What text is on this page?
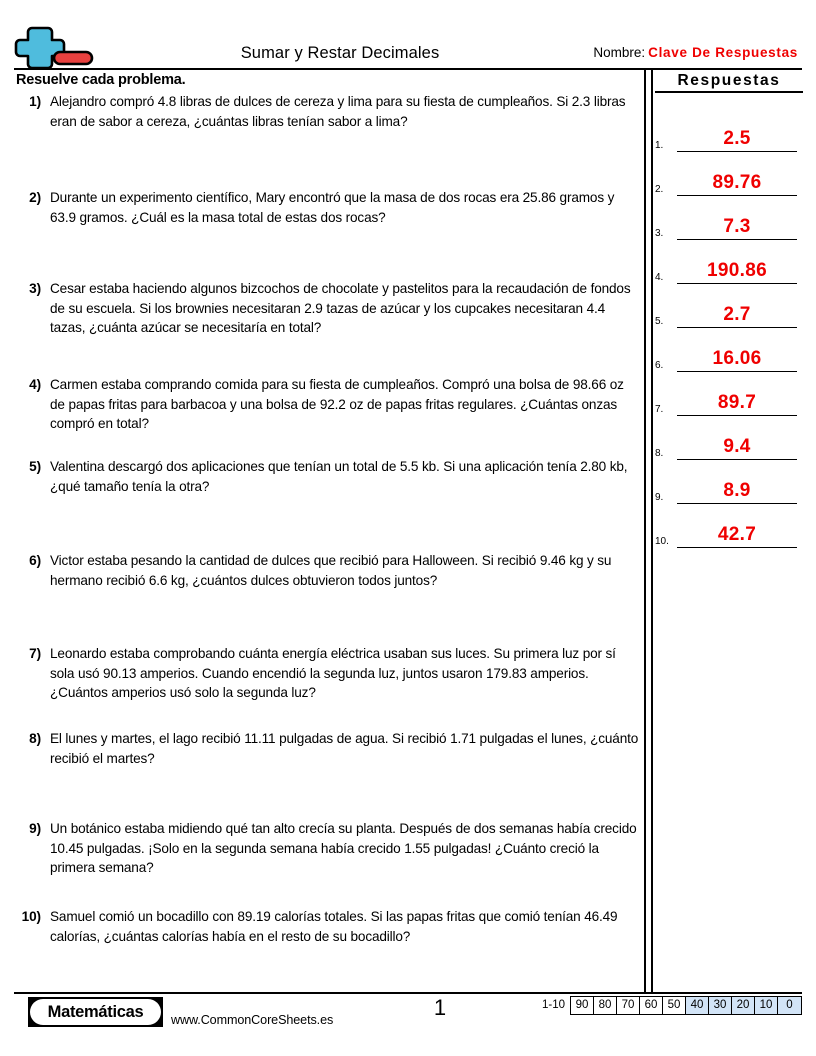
Sumar y Restar Decimales	Nombre: Clave De Respuestas
Resuelve cada problema.
1) Alejandro compró 4.8 libras de dulces de cereza y lima para su fiesta de cumpleaños. Si 2.3 libras eran de sabor a cereza, ¿cuántas libras tenían sabor a lima?
2) Durante un experimento científico, Mary encontró que la masa de dos rocas era 25.86 gramos y 63.9 gramos. ¿Cuál es la masa total de estas dos rocas?
3) Cesar estaba haciendo algunos bizcochos de chocolate y pastelitos para la recaudación de fondos de su escuela. Si los brownies necesitaran 2.9 tazas de azúcar y los cupcakes necesitaran 4.4 tazas, ¿cuánta azúcar se necesitaría en total?
4) Carmen estaba comprando comida para su fiesta de cumpleaños. Compró una bolsa de 98.66 oz de papas fritas para barbacoa y una bolsa de 92.2 oz de papas fritas regulares. ¿Cuántas onzas compró en total?
5) Valentina descargó dos aplicaciones que tenían un total de 5.5 kb. Si una aplicación tenía 2.80 kb, ¿qué tamaño tenía la otra?
6) Victor estaba pesando la cantidad de dulces que recibió para Halloween. Si recibió 9.46 kg y su hermano recibió 6.6 kg, ¿cuántos dulces obtuvieron todos juntos?
7) Leonardo estaba comprobando cuánta energía eléctrica usaban sus luces. Su primera luz por sí sola usó 90.13 amperios. Cuando encendió la segunda luz, juntos usaron 179.83 amperios. ¿Cuántos amperios usó solo la segunda luz?
8) El lunes y martes, el lago recibió 11.11 pulgadas de agua. Si recibió 1.71 pulgadas el lunes, ¿cuánto recibió el martes?
9) Un botánico estaba midiendo qué tan alto crecía su planta. Después de dos semanas había crecido 10.45 pulgadas. ¡Solo en la segunda semana había crecido 1.55 pulgadas! ¿Cuánto creció la primera semana?
10) Samuel comió un bocadillo con 89.19 calorías totales. Si las papas fritas que comió tenían 46.49 calorías, ¿cuántas calorías había en el resto de su bocadillo?
Respuestas
1.	2.5
2.	89.76
3.	7.3
4.	190.86
5.	2.7
6.	16.06
7.	89.7
8.	9.4
9.	8.9
10.	42.7
Matemáticas www.CommonCoreSheets.es	1	1-10 90 80 70 60 50 40 30 20 10	0
